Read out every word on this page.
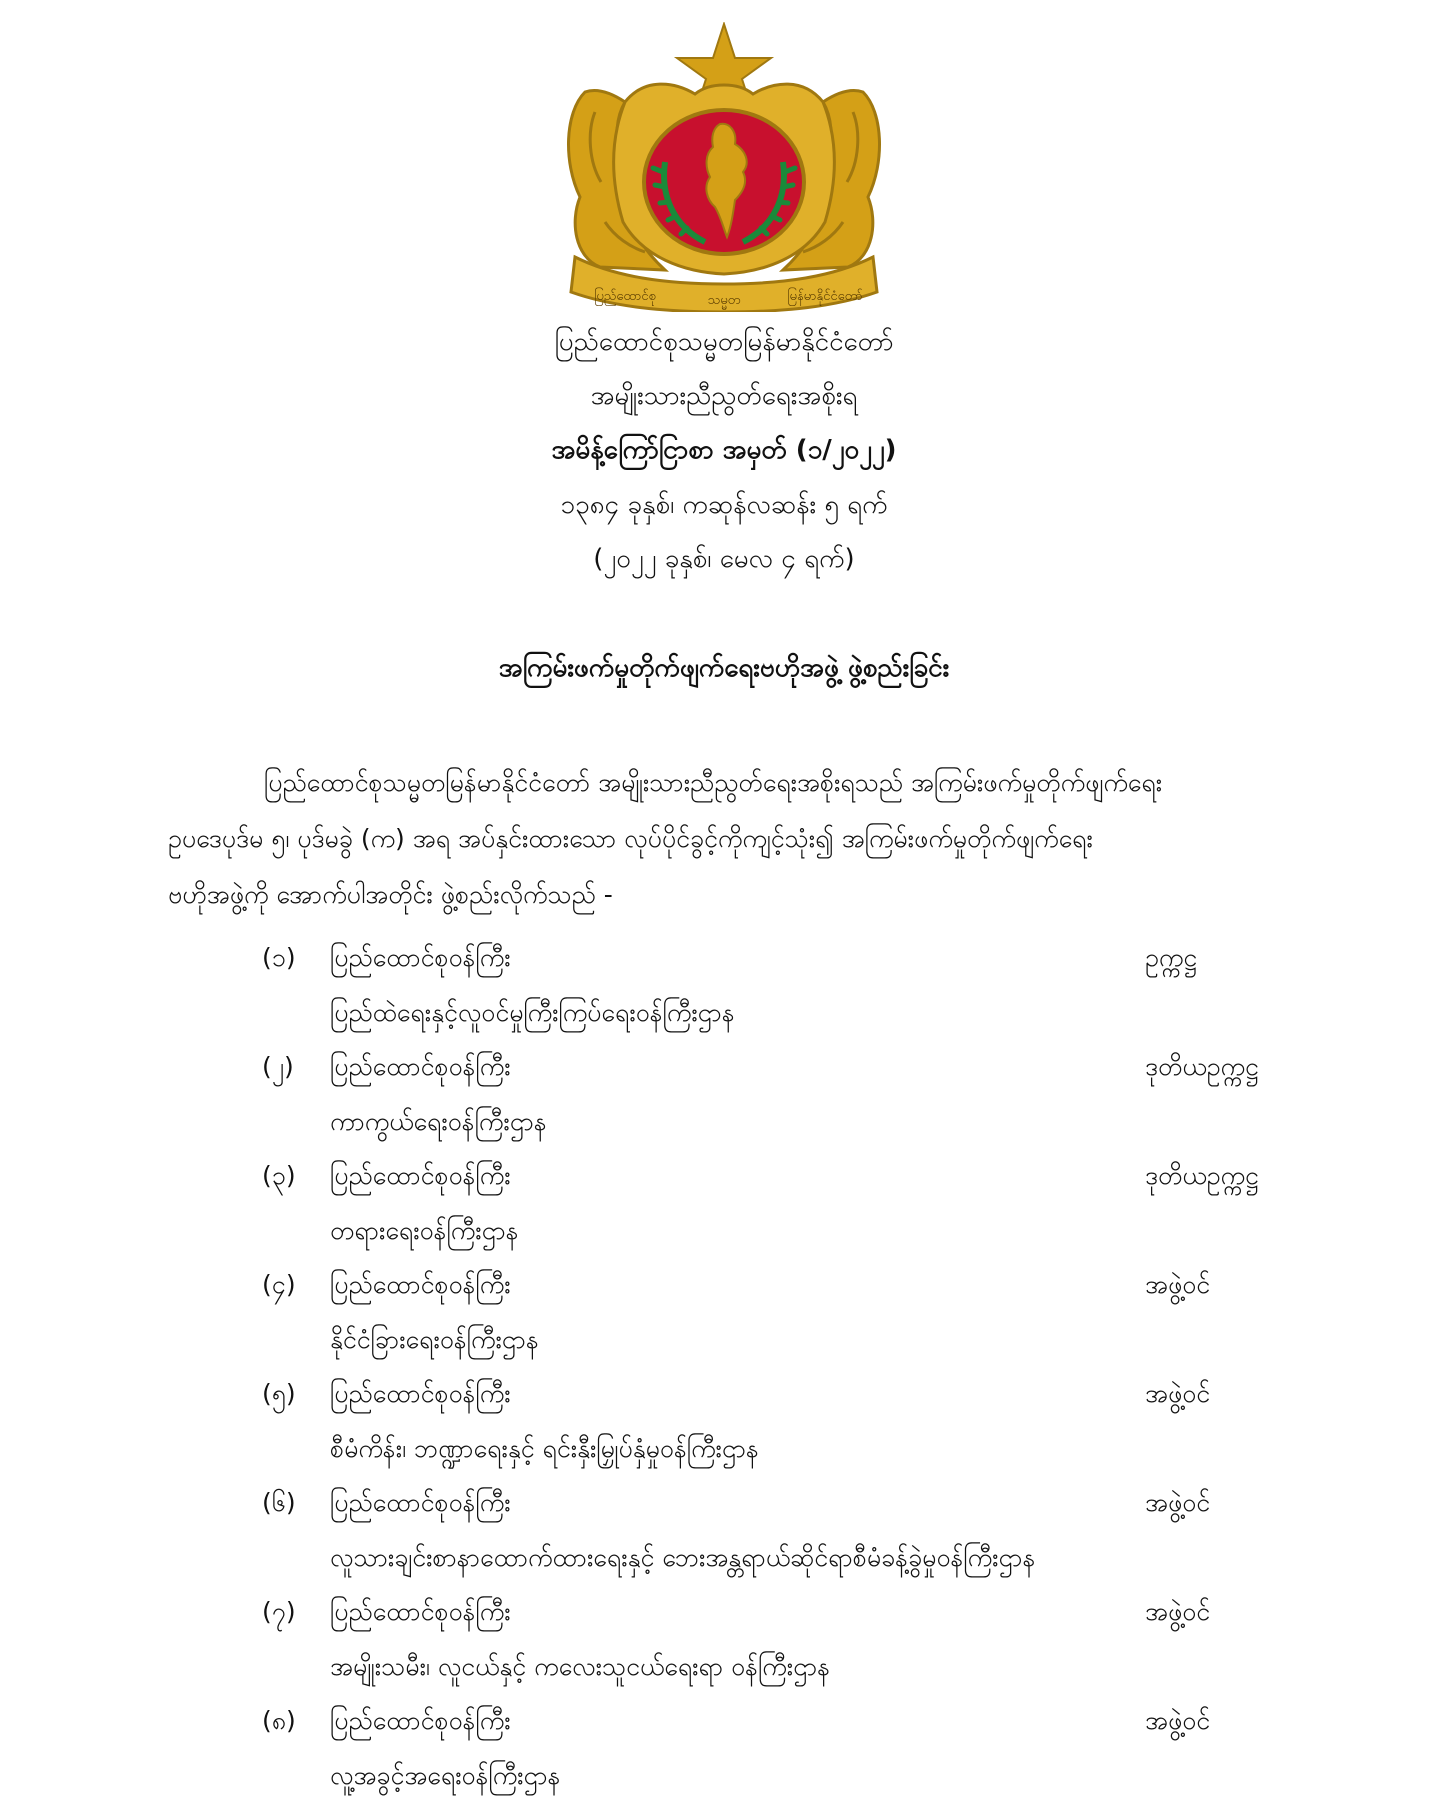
ပြည်ထောင်စု	သမ္မတ	မြန်မာနိုင်ငံတော်
ပြည်ထောင်စုသမ္မတမြန်မာနိုင်ငံတော်
အမျိုးသားညီညွတ်ရေးအစိုးရ
အမိန့်ကြော်ငြာစာ အမှတ် (၁/၂၀၂၂)
၁၃၈၄ ခုနှစ်၊ ကဆုန်လဆန်း ၅ ရက်
(၂၀၂၂ ခုနှစ်၊ မေလ ၄ ရက်)
အကြမ်းဖက်မှုတိုက်ဖျက်ရေးဗဟိုအဖွဲ့ ဖွဲ့စည်းခြင်း
ပြည်ထောင်စုသမ္မတမြန်မာနိုင်ငံတော် အမျိုးသားညီညွတ်ရေးအစိုးရသည် အကြမ်းဖက်မှုတိုက်ဖျက်ရေး
ဥပဒေပုဒ်မ ၅၊ ပုဒ်မခွဲ (က) အရ အပ်နှင်းထားသော လုပ်ပိုင်ခွင့်ကိုကျင့်သုံး၍ အကြမ်းဖက်မှုတိုက်ဖျက်ရေး
ဗဟိုအဖွဲ့ကို အောက်ပါအတိုင်း ဖွဲ့စည်းလိုက်သည် -
(၁) ပြည်ထောင်စုဝန်ကြီး	ဥက္ကဋ္ဌ
ပြည်ထဲရေးနှင့်လူဝင်မှုကြီးကြပ်ရေးဝန်ကြီးဌာန
(၂) ပြည်ထောင်စုဝန်ကြီး	ဒုတိယဥက္ကဋ္ဌ
ကာကွယ်ရေးဝန်ကြီးဌာန
(၃) ပြည်ထောင်စုဝန်ကြီး	ဒုတိယဥက္ကဋ္ဌ
တရားရေးဝန်ကြီးဌာန
(၄) ပြည်ထောင်စုဝန်ကြီး	အဖွဲ့ဝင်
နိုင်ငံခြားရေးဝန်ကြီးဌာန
(၅) ပြည်ထောင်စုဝန်ကြီး	အဖွဲ့ဝင်
စီမံကိန်း၊ ဘဏ္ဍာရေးနှင့် ရင်းနှီးမြှုပ်နှံမှုဝန်ကြီးဌာန
(၆) ပြည်ထောင်စုဝန်ကြီး	အဖွဲ့ဝင်
လူသားချင်းစာနာထောက်ထားရေးနှင့် ဘေးအန္တရာယ်ဆိုင်ရာစီမံခန့်ခွဲမှုဝန်ကြီးဌာန
(၇) ပြည်ထောင်စုဝန်ကြီး	အဖွဲ့ဝင်
အမျိုးသမီး၊ လူငယ်နှင့် ကလေးသူငယ်ရေးရာ ဝန်ကြီးဌာန
(၈) ပြည်ထောင်စုဝန်ကြီး	အဖွဲ့ဝင်
လူ့အခွင့်အရေးဝန်ကြီးဌာန
